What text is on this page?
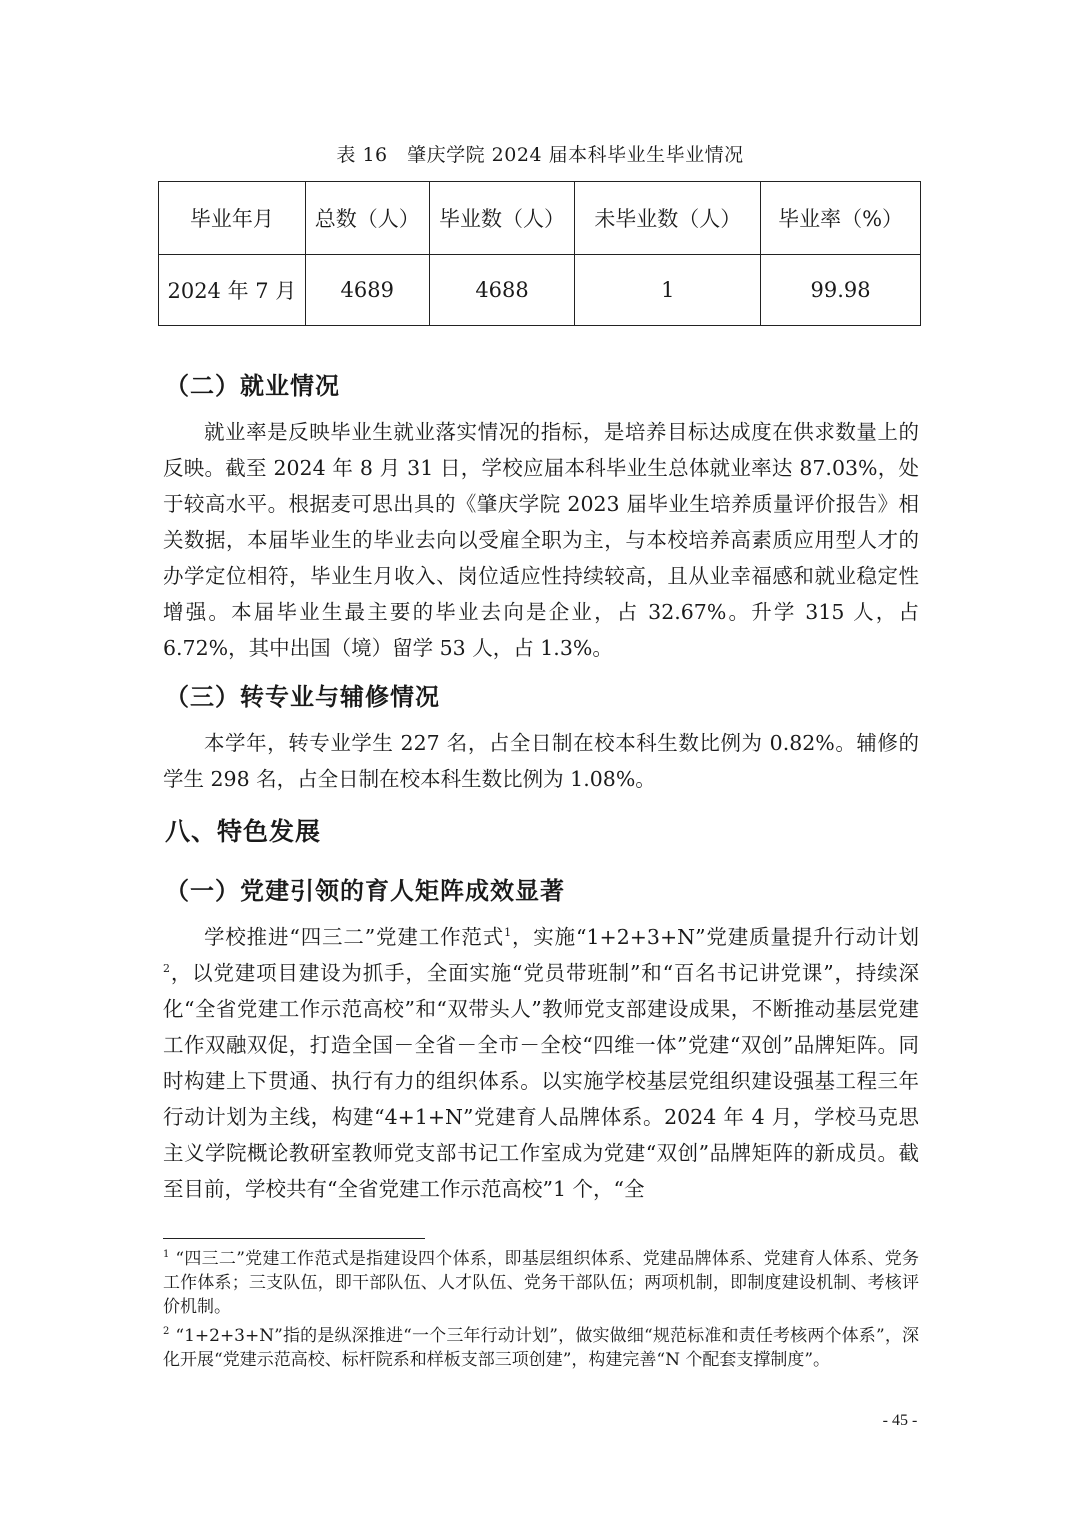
表 16　肇庆学院 2024 届本科毕业生毕业情况
毕业年月	总数（人）	毕业数（人）	未毕业数（人）	毕业率（%）
2024 年 7 月	4689	4688	1	99.98
（二）就业情况

就业率是反映毕业生就业落实情况的指标，是培养目标达成度在供求数量上的反映。截至 2024 年 8 月 31 日，学校应届本科毕业生总体就业率达 87.03%，处于较高水平。根据麦可思出具的《肇庆学院 2023 届毕业生培养质量评价报告》相关数据，本届毕业生的毕业去向以受雇全职为主，与本校培养高素质应用型人才的办学定位相符，毕业生月收入、岗位适应性持续较高，且从业幸福感和就业稳定性增强。本届毕业生最主要的毕业去向是企业，占 32.67%。升学 315 人，占 6.72%，其中出国（境）留学 53 人，占 1.3%。

（三）转专业与辅修情况

本学年，转专业学生 227 名，占全日制在校本科生数比例为 0.82%。辅修的学生 298 名，占全日制在校本科生数比例为 1.08%。

八、特色发展
（一）党建引领的育人矩阵成效显著

学校推进“四三二”党建工作范式$^1$，实施“1+2+3+N”党建质量提升行动计划$^2$，以党建项目建设为抓手，全面实施“党员带班制”和“百名书记讲党课”，持续深化“全省党建工作示范高校”和“双带头人”教师党支部建设成果，不断推动基层党建工作双融双促，打造全国－全省－全市－全校“四维一体”党建“双创”品牌矩阵。同时构建上下贯通、执行有力的组织体系。以实施学校基层党组织建设强基工程三年行动计划为主线，构建“4+1+N”党建育人品牌体系。2024 年 4 月，学校马克思主义学院概论教研室教师党支部书记工作室成为党建“双创”品牌矩阵的新成员。截至目前，学校共有“全省党建工作示范高校”1 个，“全

$^1$ “四三二”党建工作范式是指建设四个体系，即基层组织体系、党建品牌体系、党建育人体系、党务工作体系；三支队伍，即干部队伍、人才队伍、党务干部队伍；两项机制，即制度建设机制、考核评价机制。

$^2$ “1+2+3+N”指的是纵深推进“一个三年行动计划”，做实做细“规范标准和责任考核两个体系”，深化开展“党建示范高校、标杆院系和样板支部三项创建”，构建完善“N 个配套支撑制度”。

- 45 -
